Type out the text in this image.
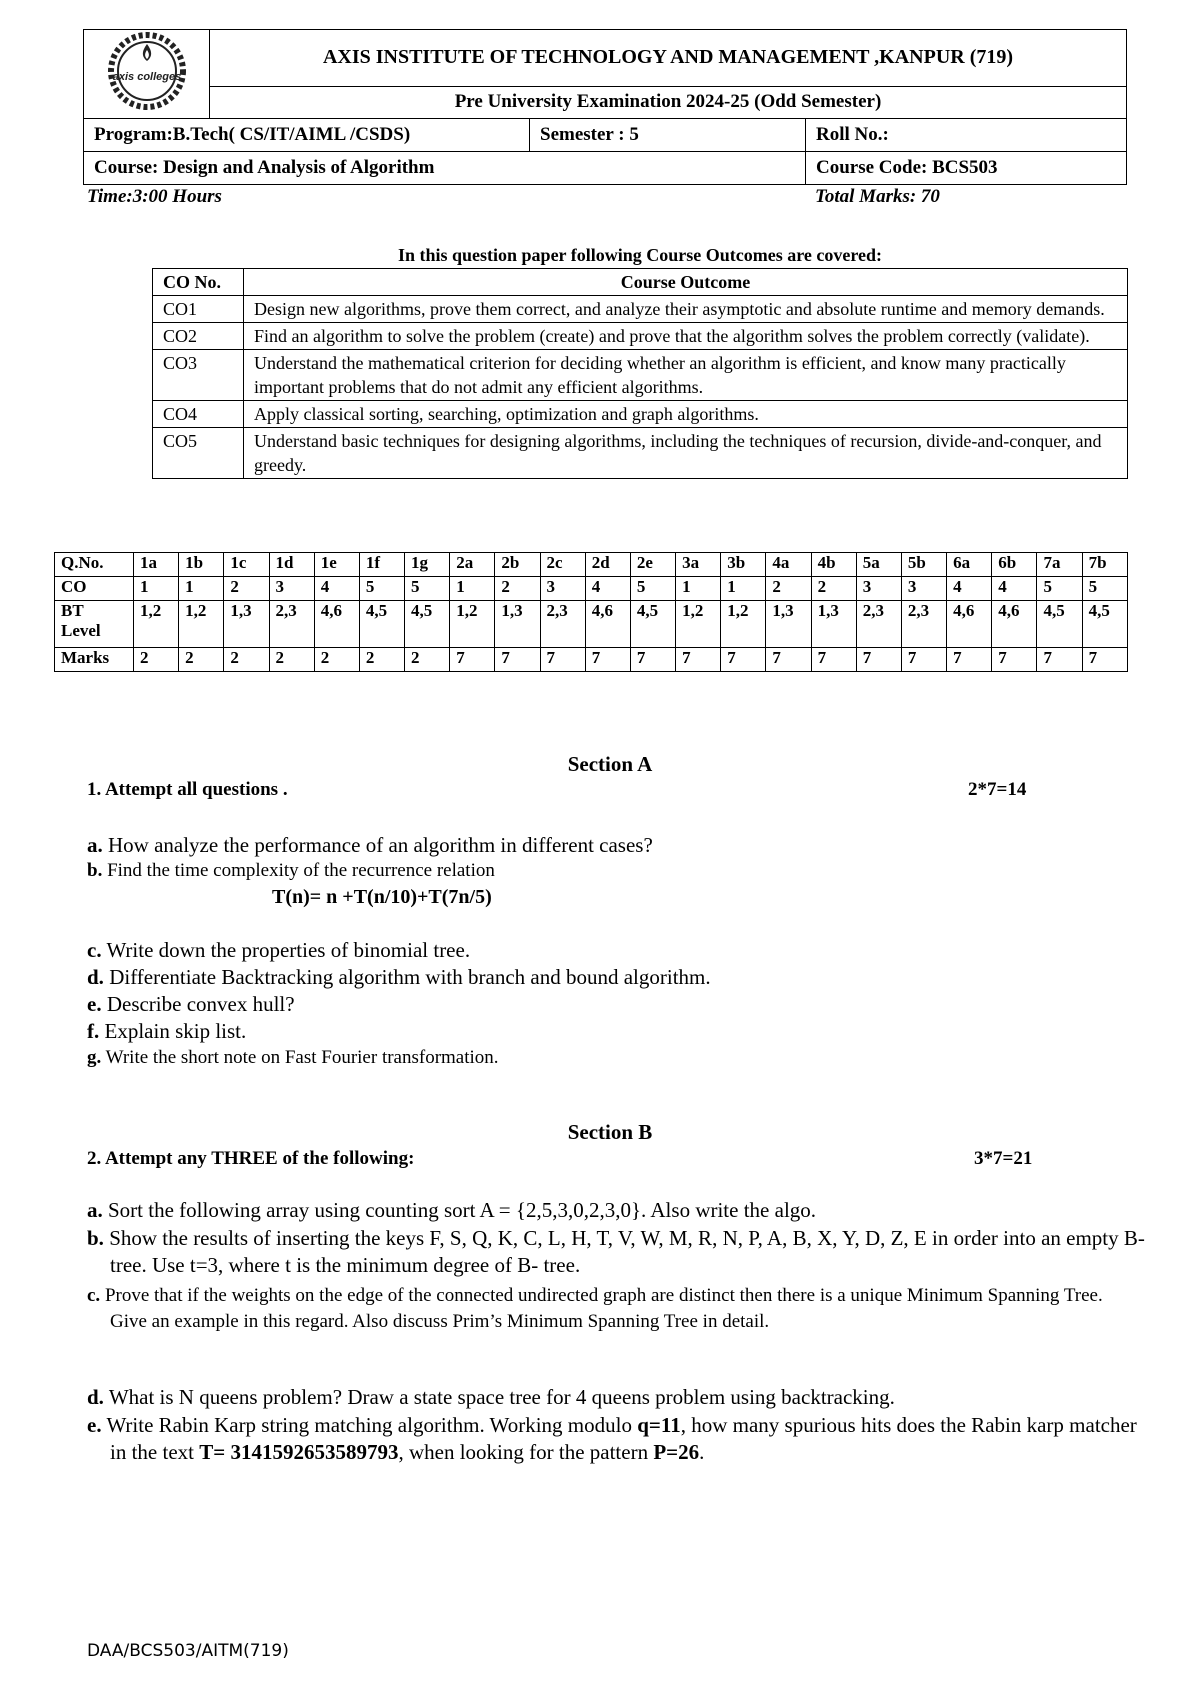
axis colleges	AXIS INSTITUTE OF TECHNOLOGY AND MANAGEMENT ,KANPUR (719)		
	Pre University Examination 2024-25 (Odd Semester)		
Program:B.Tech( CS/IT/AIML /CSDS)		Semester : 5	Roll No.:
Course: Design and Analysis of Algorithm			Course Code: BCS503
Time:3:00 Hours	Total Marks: 70
In this question paper following Course Outcomes are covered:
CO No.	Course Outcome
CO1	Design new algorithms, prove them correct, and analyze their asymptotic and absolute runtime and memory demands.
CO2	Find an algorithm to solve the problem (create) and prove that the algorithm solves the problem correctly (validate).
CO3	Understand the mathematical criterion for deciding whether an algorithm is efficient, and know many practically important problems that do not admit any efficient algorithms.
CO4	Apply classical sorting, searching, optimization and graph algorithms.
CO5	Understand basic techniques for designing algorithms, including the techniques of recursion, divide-and-conquer, and greedy.
Q.No.	1a	1b	1c	1d	1e	1f	1g	2a	2b	2c	2d	2e	3a	3b	4a	4b	5a	5b	6a	6b	7a	7b
CO	1	1	2	3	4	5	5	1	2	3	4	5	1	1	2	2	3	3	4	4	5	5
BT Level	1,2	1,2	1,3	2,3	4,6	4,5	4,5	1,2	1,3	2,3	4,6	4,5	1,2	1,2	1,3	1,3	2,3	2,3	4,6	4,6	4,5	4,5
Marks	2	2	2	2	2	2	2	7	7	7	7	7	7	7	7	7	7	7	7	7	7	7
Section A
1. Attempt all questions .	2*7=14
a. How analyze the performance of an algorithm in different cases?
b. Find the time complexity of the recurrence relation
T(n)= n +T(n/10)+T(7n/5)
c. Write down the properties of binomial tree.
d. Differentiate Backtracking algorithm with branch and bound algorithm.
e. Describe convex hull?
f. Explain skip list.
g. Write the short note on Fast Fourier transformation.
Section B
2. Attempt any THREE of the following:	3*7=21
a. Sort the following array using counting sort A = {2,5,3,0,2,3,0}. Also write the algo.
b. Show the results of inserting the keys F, S, Q, K, C, L, H, T, V, W, M, R, N, P, A, B, X, Y, D, Z, E in order into an empty B-tree. Use t=3, where t is the minimum degree of B- tree.
c. Prove that if the weights on the edge of the connected undirected graph are distinct then there is a unique Minimum Spanning Tree. Give an example in this regard. Also discuss Prim’s Minimum Spanning Tree in detail.
d. What is N queens problem? Draw a state space tree for 4 queens problem using backtracking.
e. Write Rabin Karp string matching algorithm. Working modulo q=11, how many spurious hits does the Rabin karp matcher in the text T= 3141592653589793, when looking for the pattern P=26.
DAA/BCS503/AITM(719)
